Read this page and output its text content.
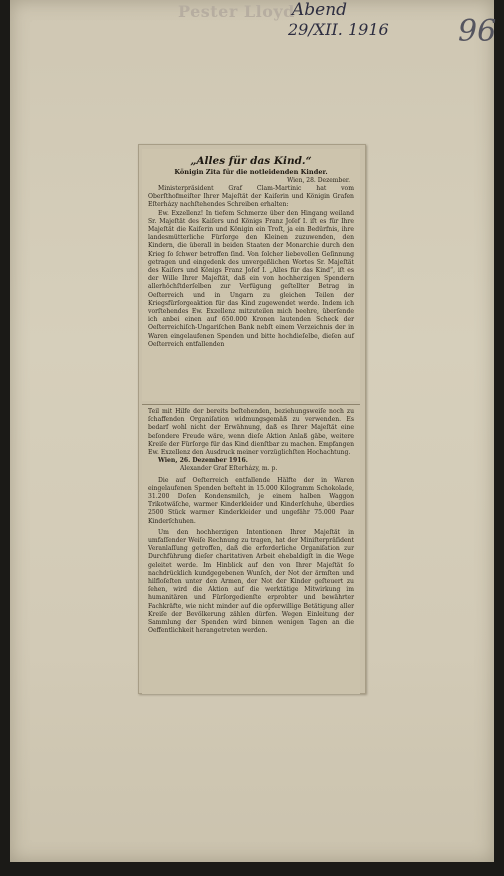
Pester Lloyd
Abend
29/XII. 1916 96

„Alles für das Kind.“

Königin Zita für die notleidenden Kinder.

Wien, 28. Dezember.

Ministerpräsident Graf Clam-Martinic hat vom Oberſthofmeiſter Ihrer Majeſtät der Kaiſerin und Königin Grafen Eſterházy nachſtehendes Schreiben erhalten:

Ew. Exzellenz! In tiefem Schmerze über den Hingang weiland Sr. Majeſtät des Kaiſers und Königs Franz Joſef I. iſt es für Ihre Majeſtät die Kaiſerin und Königin ein Troſt, ja ein Bedürfnis, ihre landesmütterliche Fürſorge den Kleinen zuzuwenden, den Kindern, die überall in beiden Staaten der Monarchie durch den Krieg ſo ſchwer betroffen ſind. Von ſolcher liebevollen Geſinnung getragen und eingedenk des unvergeßlichen Wortes Sr. Majeſtät des Kaiſers und Königs Franz Joſef I. „Alles für das Kind“, iſt es der Wille Ihrer Majeſtät, daß ein von hochherzigen Spendern allerhöchſtderſelben zur Verfügung geſtellter Betrag in Oeſterreich und in Ungarn zu gleichen Teilen der Kriegsfürſorgeaktion für das Kind zugewendet werde. Indem ich vorſtehendes Ew. Exzellenz mitzuteilen mich beehre, überſende ich anbei einen auf 650.000 Kronen lautenden Scheck der Oeſterreichiſch-Ungariſchen Bank nebſt einem Verzeichnis der in Waren eingelaufenen Spenden und bitte hochdieſelbe, dieſen auf Oeſterreich entfallenden

Teil mit Hilfe der bereits beſtehenden, beziehungsweiſe noch zu ſchaffenden Organiſation widmungsgemäß zu verwenden. Es bedarf wohl nicht der Erwähnung, daß es Ihrer Majeſtät eine beſondere Freude wäre, wenn dieſe Aktion Anlaß gäbe, weitere Kreiſe der Fürſorge für das Kind dienſtbar zu machen. Empfangen Ew. Exzellenz den Ausdruck meiner vorzüglichſten Hochachtung.

Wien, 26. Dezember 1916.

Alexander Graf Eſterházy, m. p.

Die auf Oeſterreich entfallende Hälfte der in Waren eingelaufenen Spenden beſteht in 15.000 Kilogramm Schokolade, 31.200 Doſen Kondensmilch, je einem halben Waggon Trikotwäſche, warmer Kinderkleider und Kinderſchuhe, überdies 2500 Stück warmer Kinderkleider und ungefähr 75.000 Paar Kinderſchuhen.

Um den hochherzigen Intentionen Ihrer Majeſtät in umfaſſender Weiſe Rechnung zu tragen, hat der Miniſterpräſident Veranlaſſung getroffen, daß die erforderliche Organiſation zur Durchführung dieſer charitativen Arbeit ehebaldigſt in die Wege geleitet werde. Im Hinblick auf den von Ihrer Majeſtät ſo nachdrücklich kundgegebenen Wunſch, der Not der ärmſten und hilfloſeſten unter den Armen, der Not der Kinder geſteuert zu ſehen, wird die Aktion auf die werktätige Mitwirkung im humanitären und Fürſorgedienſte erprobter und bewährter Fachkräfte, wie nicht minder auf die opferwillige Betätigung aller Kreiſe der Bevölkerung zählen dürfen. Wegen Einleitung der Sammlung der Spenden wird binnen wenigen Tagen an die Oeffentlichkeit herangetreten werden.
